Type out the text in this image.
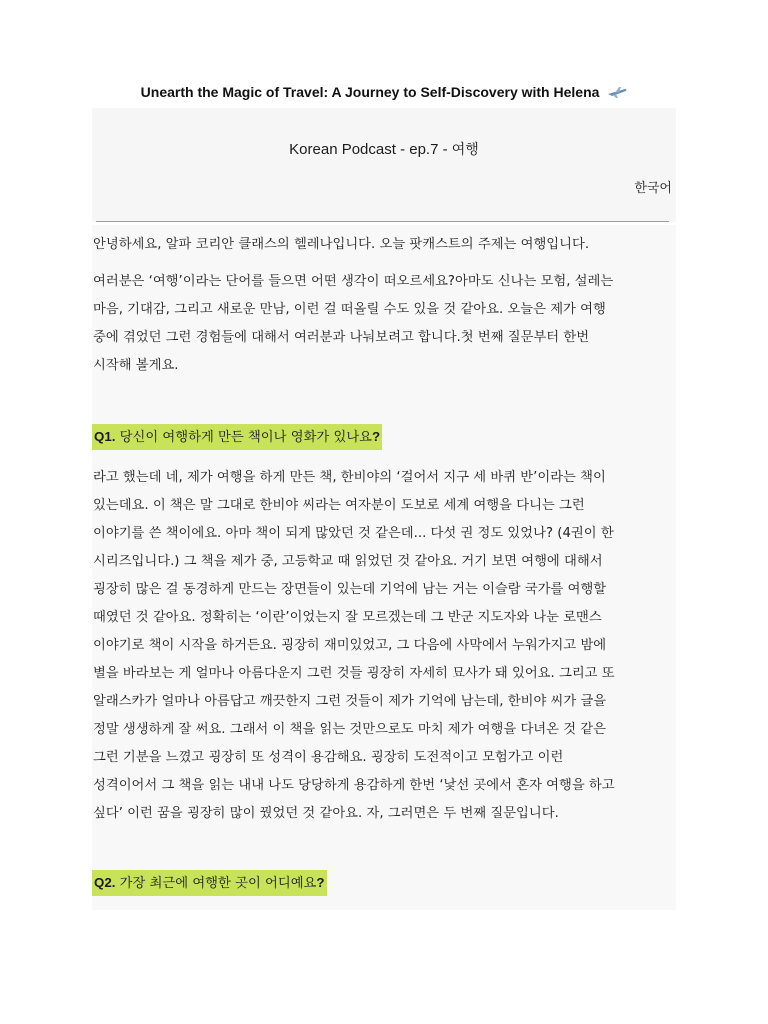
Unearth the Magic of Travel: A Journey to Self-Discovery with Helena
Korean Podcast - ep.7 - 여행
한국어
안녕하세요, 알파 코리안 클래스의 헬레나입니다. 오늘 팟캐스트의 주제는 여행입니다.
여러분은 ‘여행’이라는 단어를 들으면 어떤 생각이 떠오르세요?아마도 신나는 모험, 설레는
마음, 기대감, 그리고 새로운 만남, 이런 걸 떠올릴 수도 있을 것 같아요. 오늘은 제가 여행
중에 겪었던 그런 경험들에 대해서 여러분과 나눠보려고 합니다.첫 번째 질문부터 한번
시작해 볼게요.
Q1. 당신이 여행하게 만든 책이나 영화가 있나요?
라고 했는데 네, 제가 여행을 하게 만든 책, 한비야의 ‘걸어서 지구 세 바퀴 반’이라는 책이
있는데요. 이 책은 말 그대로 한비야 씨라는 여자분이 도보로 세계 여행을 다니는 그런
이야기를 쓴 책이에요. 아마 책이 되게 많았던 것 같은데... 다섯 권 정도 있었나? (4권이 한
시리즈입니다.) 그 책을 제가 중, 고등학교 때 읽었던 것 같아요. 거기 보면 여행에 대해서
굉장히 많은 걸 동경하게 만드는 장면들이 있는데 기억에 남는 거는 이슬람 국가를 여행할
때였던 것 같아요. 정확히는 ‘이란’이었는지 잘 모르겠는데 그 반군 지도자와 나눈 로맨스
이야기로 책이 시작을 하거든요. 굉장히 재미있었고, 그 다음에 사막에서 누워가지고 밤에
별을 바라보는 게 얼마나 아름다운지 그런 것들 굉장히 자세히 묘사가 돼 있어요. 그리고 또
알래스카가 얼마나 아름답고 깨끗한지 그런 것들이 제가 기억에 남는데, 한비야 씨가 글을
정말 생생하게 잘 써요. 그래서 이 책을 읽는 것만으로도 마치 제가 여행을 다녀온 것 같은
그런 기분을 느꼈고 굉장히 또 성격이 용감해요. 굉장히 도전적이고 모험가고 이런
성격이어서 그 책을 읽는 내내 나도 당당하게 용감하게 한번 ‘낯선 곳에서 혼자 여행을 하고
싶다’ 이런 꿈을 굉장히 많이 꿨었던 것 같아요. 자, 그러면은 두 번째 질문입니다.
Q2. 가장 최근에 여행한 곳이 어디예요?
